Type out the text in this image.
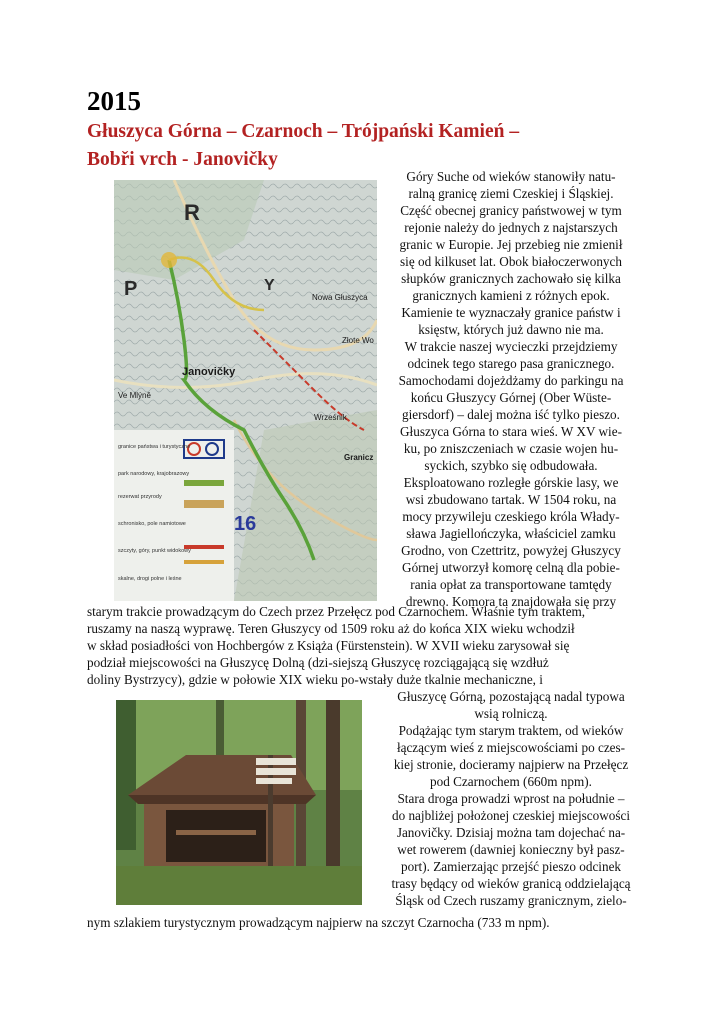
2015
Głuszyca Górna – Czarnoch – Trójpański Kamień –
Bobři vrch - Janovičky
Janovičky
Nowa Głuszyca
Złote Wo
Ve Mlýně
Wrześnik
Granicz
16
R
P	Y
granice państwa i turystyczne
park narodowy, krajobrazowy
rezerwat przyrody
schronisko, pole namiotowe
szczyty, góry, punkt widokowy
skalne, drogi polne i leśne
Góry Suche od wieków stanowiły natu-
ralną granicę ziemi Czeskiej i Śląskiej.
Część obecnej granicy państwowej w tym
rejonie należy do jednych z najstarszych
granic w Europie. Jej przebieg nie zmienił
się od kilkuset lat. Obok białoczerwonych
słupków granicznych zachowało się kilka
granicznych kamieni z różnych epok.
Kamienie te wyznaczały granice państw i
księstw, których już dawno nie ma.
W trakcie naszej wycieczki przejdziemy
odcinek tego starego pasa granicznego.
Samochodami dojeżdżamy do parkingu na
końcu Głuszycy Górnej (Ober Wüste-
giersdorf) – dalej można iść tylko pieszo.
Głuszyca Górna to stara wieś. W XV wie-
ku, po zniszczeniach w czasie wojen hu-
syckich, szybko się odbudowała.
Eksploatowano rozległe górskie lasy, we
wsi zbudowano tartak. W 1504 roku, na
mocy przywileju czeskiego króla Włady-
sława Jagiellończyka, właściciel zamku
Grodno, von Czettritz, powyżej Głuszycy
Górnej utworzył komorę celną dla pobie-
rania opłat za transportowane tamtędy
drewno. Komora ta znajdowała się przy
starym trakcie prowadzącym do Czech przez Przełęcz pod Czarnochem. Właśnie tym traktem,
ruszamy na naszą wyprawę. Teren Głuszycy od 1509 roku aż do końca XIX wieku wchodził
w skład posiadłości von Hochbergów z Książa (Fürstenstein). W XVII wieku zarysował się
podział miejscowości na Głuszycę Dolną (dzi-siejszą Głuszycę rozciągającą się wzdłuż
doliny Bystrzycy), gdzie w połowie XIX wieku po-wstały duże tkalnie mechaniczne, i
Głuszycę Górną, pozostającą nadal typowa
wsią rolniczą.
Podążając tym starym traktem, od wieków
łączącym wieś z miejscowościami po czes-
kiej stronie, docieramy najpierw na Przełęcz
pod Czarnochem (660m npm).
Stara droga prowadzi wprost na południe –
do najbliżej położonej czeskiej miejscowości
Janovičky. Dzisiaj można tam dojechać na-
wet rowerem (dawniej konieczny był pasz-
port). Zamierzając przejść pieszo odcinek
trasy będący od wieków granicą oddzielającą
Śląsk od Czech ruszamy granicznym, zielo-
nym szlakiem turystycznym prowadzącym najpierw na szczyt Czarnocha (733 m npm).
